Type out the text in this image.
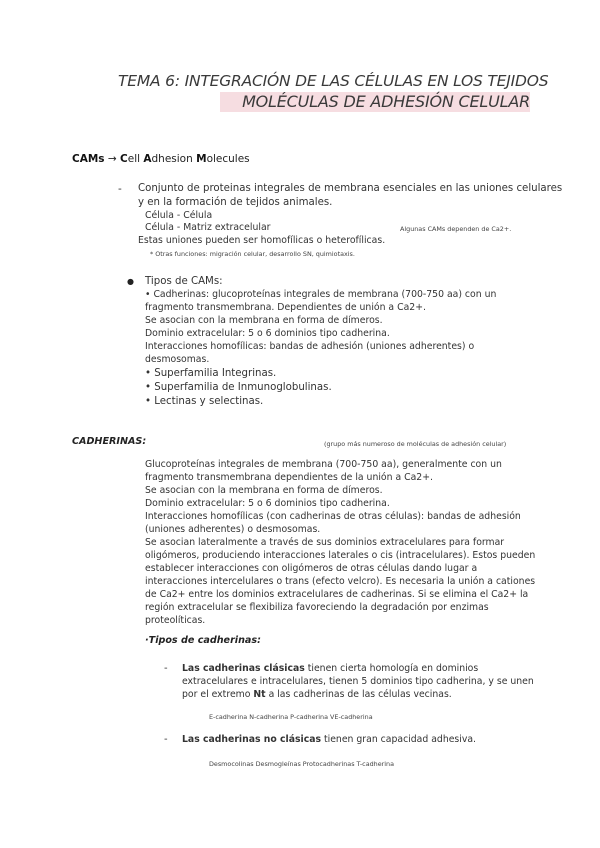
TEMA 6: INTEGRACIÓN DE LAS CÉLULAS EN LOS TEJIDOS
MOLÉCULAS DE ADHESIÓN CELULAR
CAMs → Cell Adhesion Molecules
- Conjunto de proteinas integrales de membrana esenciales en las uniones celulares
y en la formación de tejidos animales.
Célula - Célula
Célula - Matriz extracelular	Algunas CAMs dependen de Ca2+.
Estas uniones pueden ser homofílicas o heterofílicas.
* Otras funciones: migración celular, desarrollo SN, quimiotaxis.
● Tipos de CAMs:
• Cadherinas: glucoproteínas integrales de membrana (700-750 aa) con un
fragmento transmembrana. Dependientes de unión a Ca2+.
Se asocian con la membrana en forma de dímeros.
Dominio extracelular: 5 o 6 dominios tipo cadherina.
Interacciones homofílicas: bandas de adhesión (uniones adherentes) o
desmosomas.
• Superfamilia Integrinas.
• Superfamilia de Inmunoglobulinas.
• Lectinas y selectinas.
CADHERINAS:	(grupo más numeroso de moléculas de adhesión celular)
Glucoproteínas integrales de membrana (700-750 aa), generalmente con un
fragmento transmembrana dependientes de la unión a Ca2+.
Se asocian con la membrana en forma de dímeros.
Dominio extracelular: 5 o 6 dominios tipo cadherina.
Interacciones homofílicas (con cadherinas de otras células): bandas de adhesión
(uniones adherentes) o desmosomas.
Se asocian lateralmente a través de sus dominios extracelulares para formar
oligómeros, produciendo interacciones laterales o cis (intracelulares). Estos pueden
establecer interacciones con oligómeros de otras células dando lugar a
interacciones intercelulares o trans (efecto velcro). Es necesaria la unión a cationes
de Ca2+ entre los dominios extracelulares de cadherinas. Si se elimina el Ca2+ la
región extracelular se flexibiliza favoreciendo la degradación por enzimas
proteolíticas.
·Tipos de cadherinas:
- Las cadherinas clásicas tienen cierta homología en dominios
extracelulares e intracelulares, tienen 5 dominios tipo cadherina, y se unen
por el extremo Nt a las cadherinas de las células vecinas.
E-cadherina N-cadherina P-cadherina VE-cadherina
- Las cadherinas no clásicas tienen gran capacidad adhesiva.
Desmocolinas Desmogleínas Protocadherinas T-cadherina
